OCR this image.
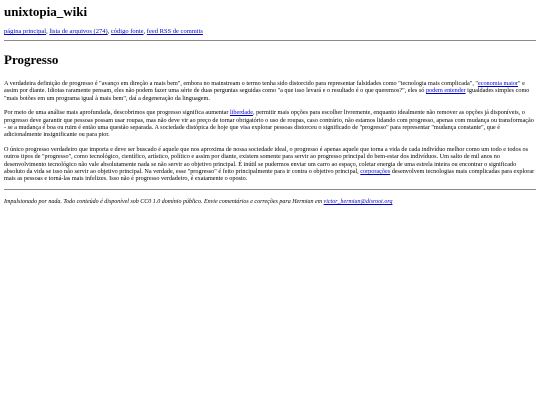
unixtopia_wiki
página principal, lista de arquivos (274), código fonte, feed RSS de commits
Progresso

A verdadeira definição de progresso é "avanço em direção a mais bem", embora no mainstream o termo tenha sido distorcido para representar falsidades como "tecnologia mais complicada", "economia maior" e assim por diante. Idiotas raramente pensam, eles não podem fazer uma série de duas perguntas seguidas como "a que isso levará e o resultado é o que queremos?", eles só podem entender igualdades simples como "mais botões em um programa igual à mais bem", daí a degeneração da linguagem.

Por meio de uma análise mais aprofundada, descobrimos que progresso significa aumentar liberdade, permitir mais opções para escolher livremente, enquanto idealmente não remover as opções já disponíveis, o progresso deve garantir que pessoas possam usar roupas, mas não deve vir ao preço de tornar obrigatório o uso de roupas, caso contrário, não estamos lidando com progresso, apenas com mudança ou transformação - se a mudança é boa ou ruim é então uma questão separada. A sociedade distópica de hoje que visa explorar pessoas distorceu o significado de "progresso" para representar "mudança constante", que é adicionalmente insignificante ou para pior.

O único progresso verdadeiro que importa e deve ser buscado é aquele que nos aproxima de nossa sociedade ideal, o progresso é apenas aquele que torna a vida de cada indivíduo melhor como um todo e todos os outros tipos de "progresso", como tecnológico, científico, artístico, político e assim por diante, existem somente para servir ao progresso principal do bem-estar dos indivíduos. Um salto de mil anos no desenvolvimento tecnológico não vale absolutamente nada se não servir ao objetivo principal. É inútil se pudermos enviar um carro ao espaço, coletar energia de uma estrela inteira ou encontrar o significado absoluto da vida se isso não servir ao objetivo principal. Na verdade, esse "progresso" é feito principalmente para ir contra o objetivo principal, corporações desenvolvem tecnologias mais complicadas para explorar mais as pessoas e torná-las mais infelizes. Isso não é progresso verdadeiro, é exatamente o oposto.

Impulsionado por nada. Todo conteúdo é disponível sob CC0 1.0 domínio público. Envie comentários e correções para Hermian em victor_hermian@disroot.org
